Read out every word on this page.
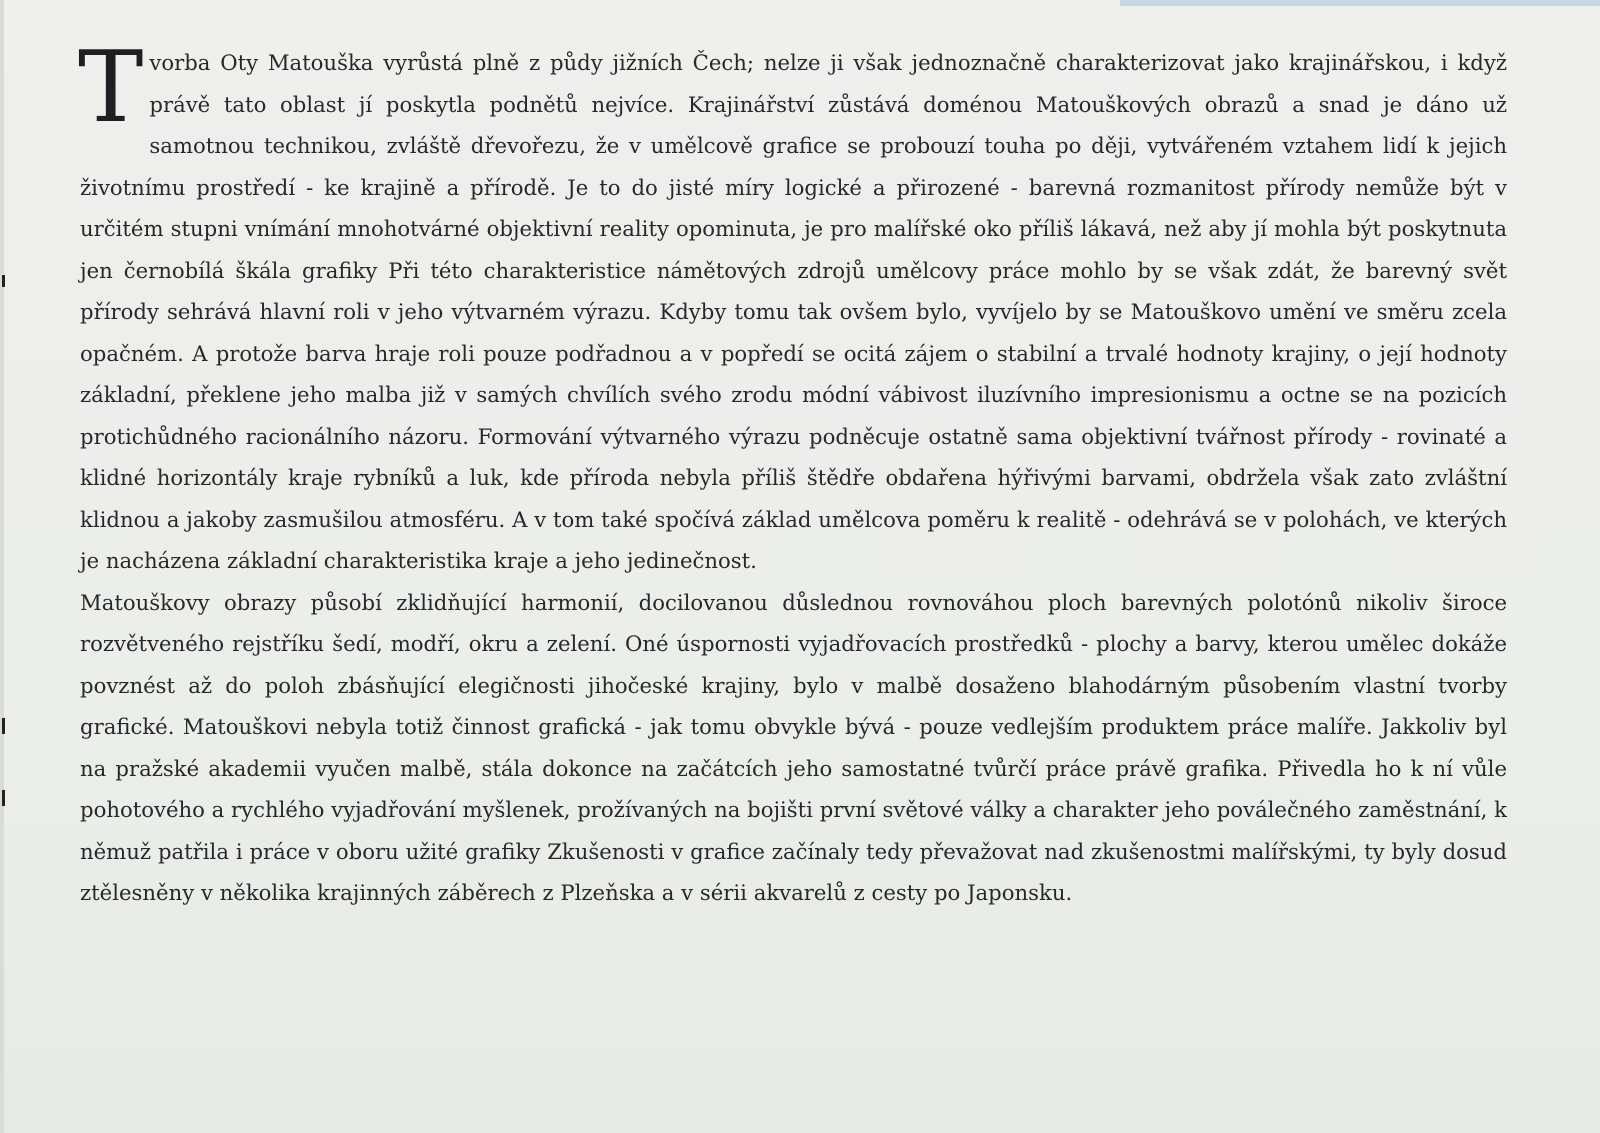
Tvorba Oty Matouška vyrůstá plně z půdy jižních Čech; nelze ji však jednoznačně charakterizovat jako krajinářskou, i když právě tato oblast jí poskytla podnětů nejvíce. Krajinářství zůstává doménou Matouškových obrazů a snad je dáno už samotnou technikou, zvláště dřevořezu, že v umělcově grafice se probouzí touha po ději, vytvářeném vztahem lidí k jejich životnímu prostředí - ke krajině a přírodě. Je to do jisté míry logické a přirozené - barevná rozmanitost přírody nemůže být v určitém stupni vnímání mnohotvárné objektivní reality opominuta, je pro malířské oko příliš lákavá, než aby jí mohla být poskytnuta jen černobílá škála grafiky Při této charakteristice námětových zdrojů umělcovy práce mohlo by se však zdát, že barevný svět přírody sehrává hlavní roli v jeho výtvarném výrazu. Kdyby tomu tak ovšem bylo, vyvíjelo by se Matouškovo umění ve směru zcela opačném. A protože barva hraje roli pouze podřadnou a v popředí se ocitá zájem o stabilní a trvalé hodnoty krajiny, o její hodnoty základní, překlene jeho malba již v samých chvílích svého zrodu módní vábivost iluzívního impresionismu a octne se na pozicích protichůdného racionálního názoru. Formování výtvarného výrazu podněcuje ostatně sama objektivní tvářnost přírody - rovinaté a klidné horizontály kraje rybníků a luk, kde příroda nebyla příliš štědře obdařena hýřivými barvami, obdržela však zato zvláštní klidnou a jakoby zasmušilou atmosféru. A v tom také spočívá základ umělcova poměru k realitě - odehrává se v polohách, ve kterých je nacházena základní charakteristika kraje a jeho jedinečnost.

Matouškovy obrazy působí zklidňující harmonií, docilovanou důslednou rovnováhou ploch barevných polotónů nikoliv široce rozvětveného rejstříku šedí, modří, okru a zelení. Oné úspornosti vyjadřovacích prostředků - plochy a barvy, kterou umělec dokáže povznést až do poloh zbásňující elegičnosti jihočeské krajiny, bylo v malbě dosaženo blahodárným působením vlastní tvorby grafické. Matouškovi nebyla totiž činnost grafická - jak tomu obvykle bývá - pouze vedlejším produktem práce malíře. Jakkoliv byl na pražské akademii vyučen malbě, stála dokonce na začátcích jeho samostatné tvůrčí práce právě grafika. Přivedla ho k ní vůle pohotového a rychlého vyjadřování myšlenek, prožívaných na bojišti první světové války a charakter jeho poválečného zaměstnání, k němuž patřila i práce v oboru užité grafiky Zkušenosti v grafice začínaly tedy převažovat nad zkušenostmi malířskými, ty byly dosud ztělesněny v několika krajinných záběrech z Plzeňska a v sérii akvarelů z cesty po Japonsku.
